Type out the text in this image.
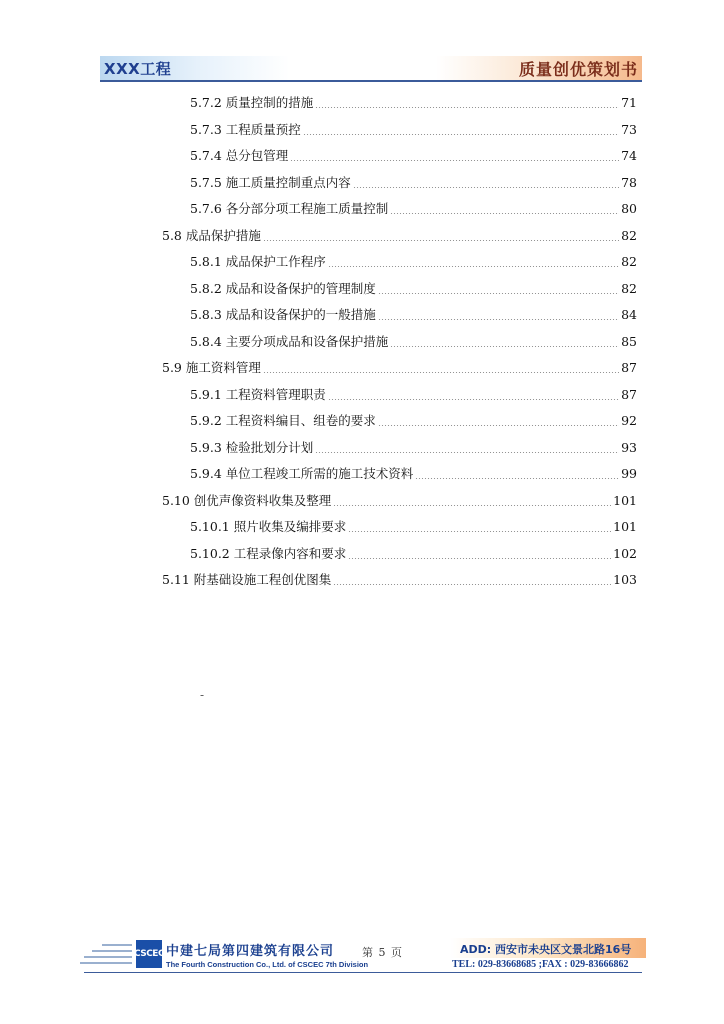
XXX工程	质量创优策划书
5.7.2 质量控制的措施	71
5.7.3 工程质量预控	73
5.7.4 总分包管理	74
5.7.5 施工质量控制重点内容	78
5.7.6 各分部分项工程施工质量控制	80
5.8 成品保护措施	82
5.8.1 成品保护工作程序	82
5.8.2 成品和设备保护的管理制度	82
5.8.3 成品和设备保护的一般措施	84
5.8.4 主要分项成品和设备保护措施	85
5.9 施工资料管理	87
5.9.1 工程资料管理职责	87
5.9.2 工程资料编目、组卷的要求	92
5.9.3 检验批划分计划	93
5.9.4 单位工程竣工所需的施工技术资料	99
5.10 创优声像资料收集及整理	101
5.10.1 照片收集及编排要求	101
5.10.2 工程录像内容和要求	102
5.11 附基础设施工程创优图集	103
-
CSCEC 中建七局第四建筑有限公司
The Fourth Construction Co., Ltd. of CSCEC 7th Division
第 5 页	ADD: 西安市未央区文景北路16号
TEL: 029-83668685 ;FAX : 029-83666862
